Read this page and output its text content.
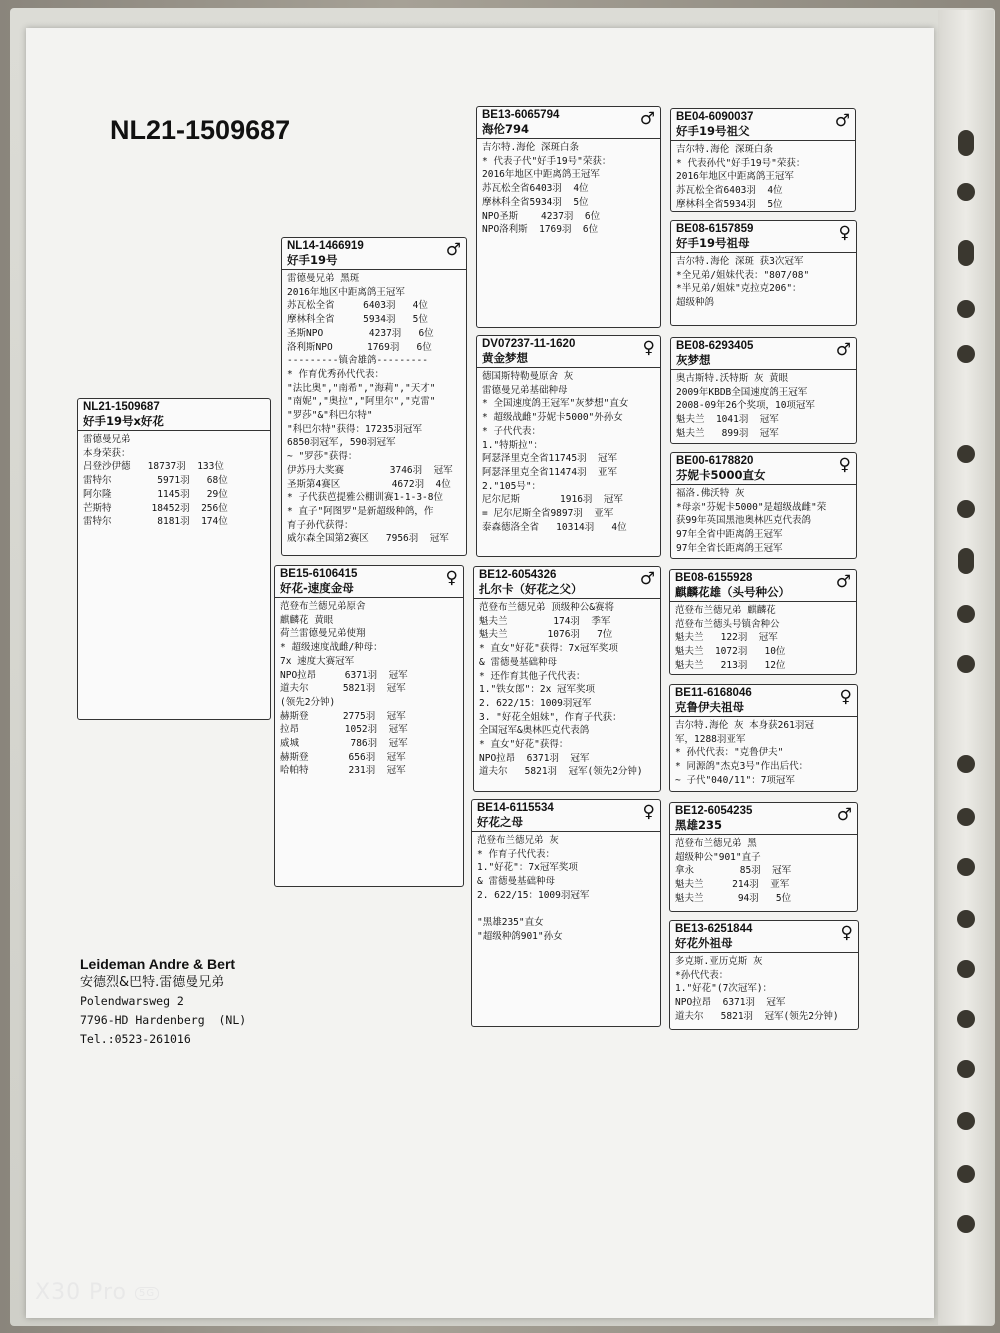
NL21-1509687
NL21-1509687
好手19号x好花
雷德曼兄弟
本身荣获：
吕登沙伊德   18737羽  133位
雷特尔        5971羽   68位
阿尔隆        1145羽   29位
芒斯特       18452羽  256位
雷特尔        8181羽  174位
NL14-1466919
好手19号	♂
雷德曼兄弟 黑斑
2016年地区中距离鸽王冠军
苏瓦松全省     6403羽   4位
摩林科全省     5934羽   5位
圣斯NPO        4237羽   6位
洛利斯NPO      1769羽   6位
---------镇舍雄鸽---------
* 作育优秀孙代代表：
"法比奥","南希","海莉","天才"
"南妮","奥拉","阿里尔","克雷"
"罗莎"&"科巴尔特"
"科巴尔特"获得：17235羽冠军
6850羽冠军, 590羽冠军
~ "罗莎"获得：
伊苏丹大奖赛        3746羽  冠军
圣斯第4赛区         4672羽  4位
* 子代获芭提雅公棚训赛1-1-3-8位
* 直子"阿图罗"是新超级种鸽，作
育子孙代获得：
威尔森全国第2赛区   7956羽  冠军
BE15-6106415
好花-速度金母	♀
范登布兰德兄弟原舍
麒麟花 黄眼
荷兰雷德曼兄弟使翔
* 超级速度战雌/种母：
7x 速度大赛冠军
NPO拉昂     6371羽  冠军
道夫尔      5821羽  冠军
(领先2分钟)
赫斯登      2775羽  冠军
拉昂        1052羽  冠军
威城         786羽  冠军
赫斯登       656羽  冠军
哈帕特       231羽  冠军
BE13-6065794
海伦794	♂
吉尔特.海伦 深斑白条
* 代表子代"好手19号"荣获：
2016年地区中距离鸽王冠军
苏瓦松全省6403羽  4位
摩林科全省5934羽  5位
NPO圣斯    4237羽  6位
NPO洛利斯  1769羽  6位
DV07237-11-1620
黄金梦想	♀
德国斯特勒曼原舍 灰
雷德曼兄弟基础种母
* 全国速度鸽王冠军"灰梦想"直女
* 超级战雌"芬妮卡5000"外孙女
* 子代代表：
1."特斯拉"：
阿瑟泽里克全省11745羽  冠军
阿瑟泽里克全省11474羽  亚军
2."105号"：
尼尔尼斯       1916羽  冠军
= 尼尔尼斯全省9897羽  亚军
泰森德洛全省   10314羽   4位
BE12-6054326
扎尔卡（好花之父）	♂
范登布兰德兄弟 顶级种公&赛将
魁夫兰        174羽  季军
魁夫兰       1076羽   7位
* 直女"好花"获得：7x冠军奖项
& 雷德曼基础种母
* 还作育其他子代代表：
1."铁女郎"：2x 冠军奖项
2. 622/15：1009羽冠军
3. "好花全姐妹"，作育子代获：
全国冠军&奥林匹克代表鸽
* 直女"好花"获得：
NPO拉昂  6371羽  冠军
道夫尔   5821羽  冠军(领先2分钟)
BE14-6115534
好花之母	♀
范登布兰德兄弟 灰
* 作育子代代表：
1."好花"：7x冠军奖项
& 雷德曼基础种母
2. 622/15：1009羽冠军

"黑雄235"直女
"超级种鸽901"孙女
BE04-6090037
好手19号祖父	♂
吉尔特.海伦 深斑白条
* 代表孙代"好手19号"荣获：
2016年地区中距离鸽王冠军
苏瓦松全省6403羽  4位
摩林科全省5934羽  5位
BE08-6157859
好手19号祖母	♀
吉尔特.海伦 深斑 获3次冠军
*全兄弟/姐妹代表："807/08"
*半兄弟/姐妹"克拉克206"：
超级种鸽
BE08-6293405
灰梦想	♂
奥古斯特.沃特斯 灰 黄眼
2009年KBDB全国速度鸽王冠军
2008-09年26个奖项，10项冠军
魁夫兰  1041羽  冠军
魁夫兰   899羽  冠军
BE00-6178820
芬妮卡5000直女	♀
福洛.佛沃特 灰
*母亲"芬妮卡5000"是超级战雌"荣
获99年英国黑池奥林匹克代表鸽
97年全省中距离鸽王冠军
97年全省长距离鸽王冠军
BE08-6155928
麒麟花雄（头号种公）	♂
范登布兰德兄弟 麒麟花
范登布兰德头号镇舍种公
魁夫兰   122羽  冠军
魁夫兰  1072羽   10位
魁夫兰   213羽   12位
BE11-6168046
克鲁伊夫祖母	♀
吉尔特.海伦 灰 本身获261羽冠
军，1288羽亚军
* 孙代代表："克鲁伊夫"
* 同源鸽"杰克3号"作出后代：
~ 子代"040/11"：7项冠军
BE12-6054235
黑雄235	♂
范登布兰德兄弟 黑
超级种公"901"直子
拿永        85羽  冠军
魁夫兰     214羽  亚军
魁夫兰      94羽   5位
BE13-6251844
好花外祖母	♀
多克斯.亚历克斯 灰
*孙代代表：
1."好花"(7次冠军)：
NPO拉昂  6371羽  冠军
道夫尔   5821羽  冠军(领先2分钟)
Leideman Andre & Bert
安德烈&巴特.雷德曼兄弟
Polendwarsweg 2
7796-HD Hardenberg  (NL)
Tel.:0523-261016
X30 Pro 5G
